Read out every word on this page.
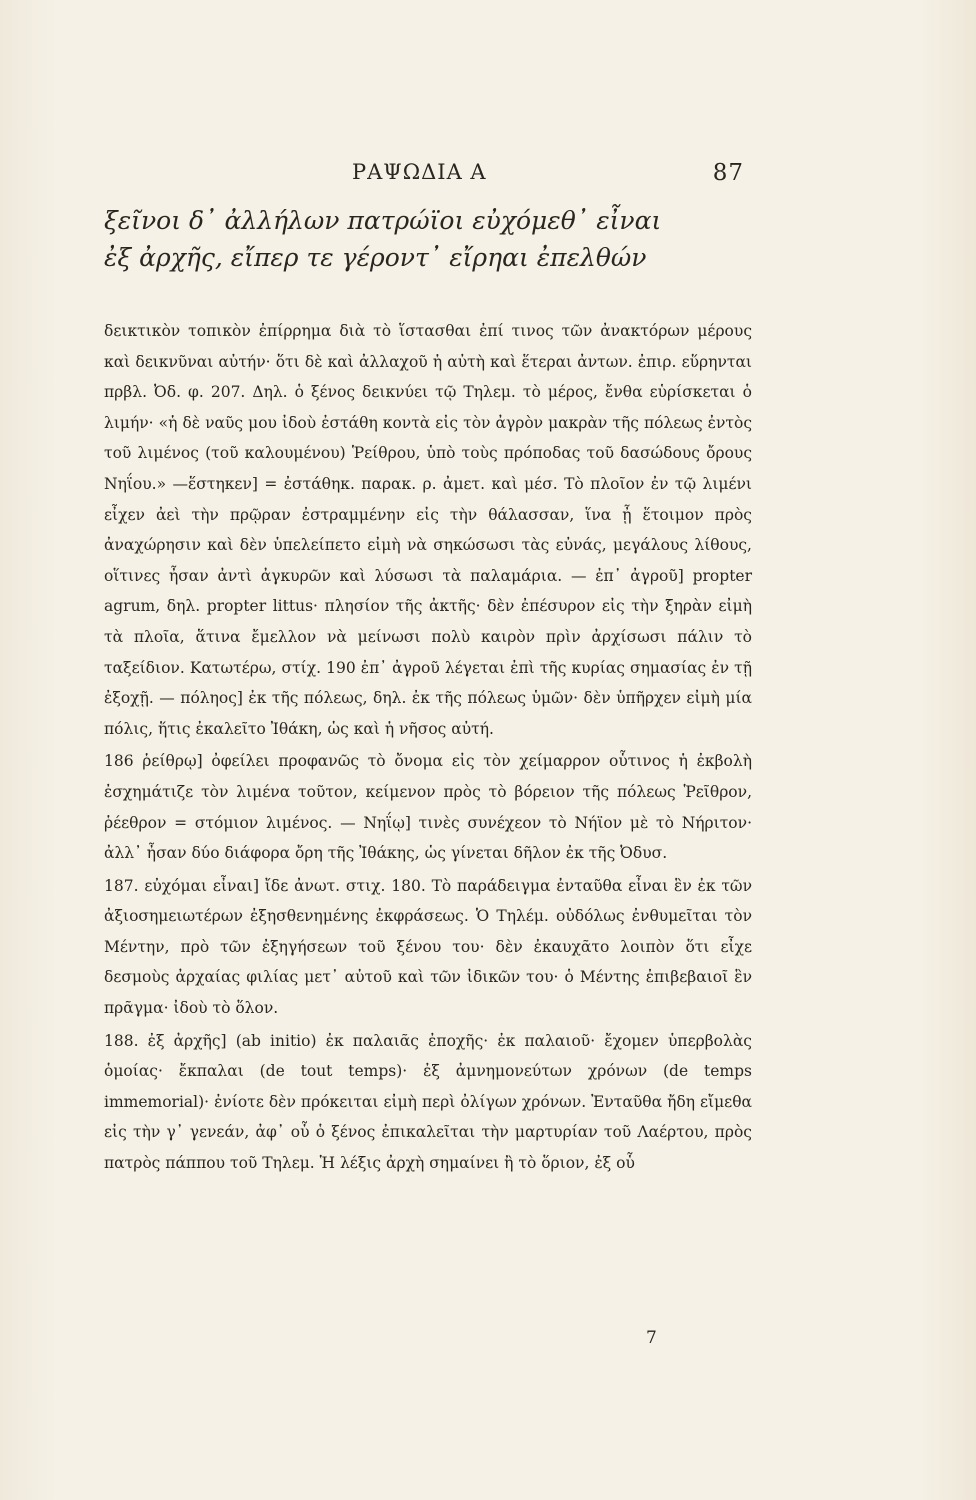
ΡΑΨΩΔΙΑ Α	87
ξεῖνοι δ᾽ ἀλλήλων πατρώϊοι εὐχόμεθ᾽ εἶναι
ἐξ ἀρχῆς, εἴπερ τε γέροντ᾽ εἴρηαι ἐπελθών

δεικτικὸν τοπικὸν ἐπίρρημα διὰ τὸ ἵστασθαι ἐπί τινος τῶν ἀνακτόρων μέρους καὶ δεικνῦναι αὐτήν· ὅτι δὲ καὶ ἀλλαχοῦ ἡ αὐτὴ καὶ ἕτεραι ἀντων. ἐπιρ. εὕρηνται πρβλ. Ὀδ. φ. 207. Δηλ. ὁ ξένος δεικνύει τῷ Τηλεμ. τὸ μέρος, ἔνθα εὑρίσκεται ὁ λιμήν· «ἡ δὲ ναῦς μου ἰδοὺ ἐστάθη κοντὰ εἰς τὸν ἀγρὸν μακρὰν τῆς πόλεως ἐντὸς τοῦ λιμένος (τοῦ καλουμένου) Ῥείθρου, ὑπὸ τοὺς πρόποδας τοῦ δασώδους ὄρους Νηΐου.» —ἕστηκεν] = ἐστάθηκ. παρακ. ρ. ἀμετ. καὶ μέσ. Τὸ πλοῖον ἐν τῷ λιμένι εἶχεν ἀεὶ τὴν πρῷραν ἐστραμμένην εἰς τὴν θάλασσαν, ἵνα ᾖ ἕτοιμον πρὸς ἀναχώρησιν καὶ δὲν ὑπελείπετο εἰμὴ νὰ σηκώσωσι τὰς εὐνάς, μεγάλους λίθους, οἵτινες ἦσαν ἀντὶ ἀγκυρῶν καὶ λύσωσι τὰ παλαμάρια. — ἐπ᾽ ἀγροῦ] propter agrum, δηλ. propter littus· πλησίον τῆς ἀκτῆς· δὲν ἐπέσυρον εἰς τὴν ξηρὰν εἰμὴ τὰ πλοῖα, ἅτινα ἔμελλον νὰ μείνωσι πολὺ καιρὸν πρὶν ἀρχίσωσι πάλιν τὸ ταξείδιον. Κατωτέρω, στίχ. 190 ἐπ᾽ ἀγροῦ λέγεται ἐπὶ τῆς κυρίας σημασίας ἐν τῇ ἐξοχῇ. — πόληος] ἐκ τῆς πόλεως, δηλ. ἐκ τῆς πόλεως ὑμῶν· δὲν ὑπῆρχεν εἰμὴ μία πόλις, ἥτις ἐκαλεῖτο Ἰθάκη, ὡς καὶ ἡ νῆσος αὐτή.

186 ῥείθρῳ] ὀφείλει προφανῶς τὸ ὄνομα εἰς τὸν χείμαρρον οὗτινος ἡ ἐκβολὴ ἐσχημάτιζε τὸν λιμένα τοῦτον, κείμενον πρὸς τὸ βόρειον τῆς πόλεως Ῥεῖθρον, ῥέεθρον = στόμιον λιμένος. — Νηΐῳ] τινὲς συνέχεον τὸ Νήϊον μὲ τὸ Νήριτον· ἀλλ᾽ ἦσαν δύο διάφορα ὄρη τῆς Ἰθάκης, ὡς γίνεται δῆλον ἐκ τῆς Ὀδυσ.

187. εὐχόμαι εἶναι] ἴδε ἀνωτ. στιχ. 180. Τὸ παράδειγμα ἐνταῦθα εἶναι ἓν ἐκ τῶν ἀξιοσημειωτέρων ἐξησθενημένης ἐκφράσεως. Ὁ Τηλέμ. οὐδόλως ἐνθυμεῖται τὸν Μέντην, πρὸ τῶν ἐξηγήσεων τοῦ ξένου του· δὲν ἐκαυχᾶτο λοιπὸν ὅτι εἶχε δεσμοὺς ἀρχαίας φιλίας μετ᾽ αὐτοῦ καὶ τῶν ἰδικῶν του· ὁ Μέντης ἐπιβεβαιοῖ ἓν πρᾶγμα· ἰδοὺ τὸ ὅλον.

188. ἐξ ἀρχῆς] (ab initio) ἐκ παλαιᾶς ἐποχῆς· ἐκ παλαιοῦ· ἔχομεν ὑπερβολὰς ὁμοίας· ἔκπαλαι (de tout temps)· ἐξ ἀμνημονεύτων χρόνων (de temps immemorial)· ἐνίοτε δὲν πρόκειται εἰμὴ περὶ ὀλίγων χρόνων. Ἐνταῦθα ἤδη εἴμεθα εἰς τὴν γ᾽ γενεάν, ἀφ᾽ οὗ ὁ ξένος ἐπικαλεῖται τὴν μαρτυρίαν τοῦ Λαέρτου, πρὸς πατρὸς πάππου τοῦ Τηλεμ. Ἡ λέξις ἀρχὴ σημαίνει ἢ τὸ ὅριον, ἐξ οὗ

7
